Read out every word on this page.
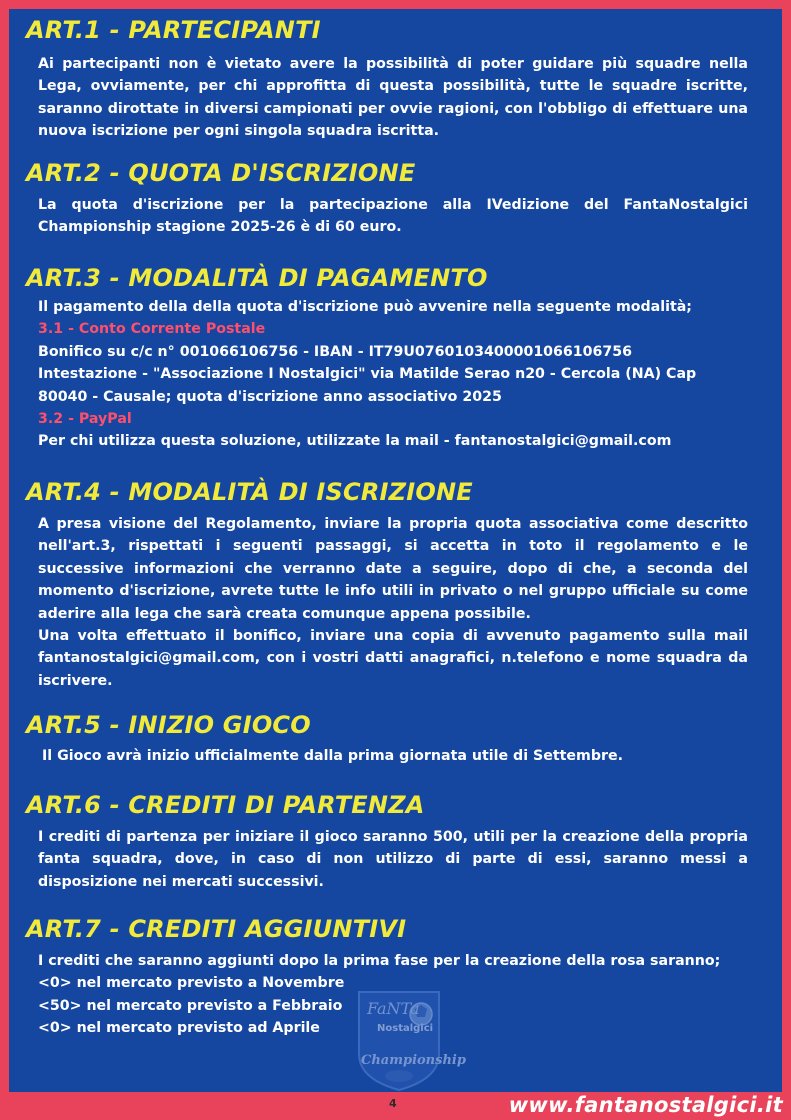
ART.1 - PARTECIPANTI

Ai partecipanti non è vietato avere la possibilità di poter guidare più squadre nella Lega, ovviamente, per chi approfitta di questa possibilità, tutte le squadre iscritte, saranno dirottate in diversi campionati per ovvie ragioni, con l'obbligo di effettuare una nuova iscrizione per ogni singola squadra iscritta.

ART.2 - QUOTA D'ISCRIZIONE

La quota d'iscrizione per la partecipazione alla IVedizione del FantaNostalgici Championship stagione 2025-26 è di 60 euro.

ART.3 - MODALITÀ DI PAGAMENTO

Il pagamento della della quota d'iscrizione può avvenire nella seguente modalità;

3.1 - Conto Corrente Postale

Bonifico su c/c n° 001066106756 - IBAN - IT79U0760103400001066106756

Intestazione - "Associazione I Nostalgici" via Matilde Serao n20 - Cercola (NA) Cap 80040 - Causale; quota d'iscrizione anno associativo 2025

3.2 - PayPal

Per chi utilizza questa soluzione, utilizzate la mail - fantanostalgici@gmail.com

ART.4 - MODALITÀ DI ISCRIZIONE

A presa visione del Regolamento, inviare la propria quota associativa come descritto nell'art.3, rispettati i seguenti passaggi, si accetta in toto il regolamento e le successive informazioni che verranno date a seguire, dopo di che, a seconda del momento d'iscrizione, avrete tutte le info utili in privato o nel gruppo ufficiale su come aderire alla lega che sarà creata comunque appena possibile.

Una volta effettuato il bonifico, inviare una copia di avvenuto pagamento sulla mail fantanostalgici@gmail.com, con i vostri datti anagrafici, n.telefono e nome squadra da iscrivere.

ART.5 - INIZIO GIOCO

Il Gioco avrà inizio ufficialmente dalla prima giornata utile di Settembre.

ART.6 - CREDITI DI PARTENZA

I crediti di partenza per iniziare il gioco saranno 500, utili per la creazione della propria fanta squadra, dove, in caso di non utilizzo di parte di essi, saranno messi a disposizione nei mercati successivi.

ART.7 - CREDITI AGGIUNTIVI

I crediti che saranno aggiunti dopo la prima fase per la creazione della rosa saranno;

<0> nel mercato previsto a Novembre

<50> nel mercato previsto a Febbraio

<0> nel mercato previsto ad Aprile

FaNTa
Nostalgici
Championship
4	www.fantanostalgici.it
